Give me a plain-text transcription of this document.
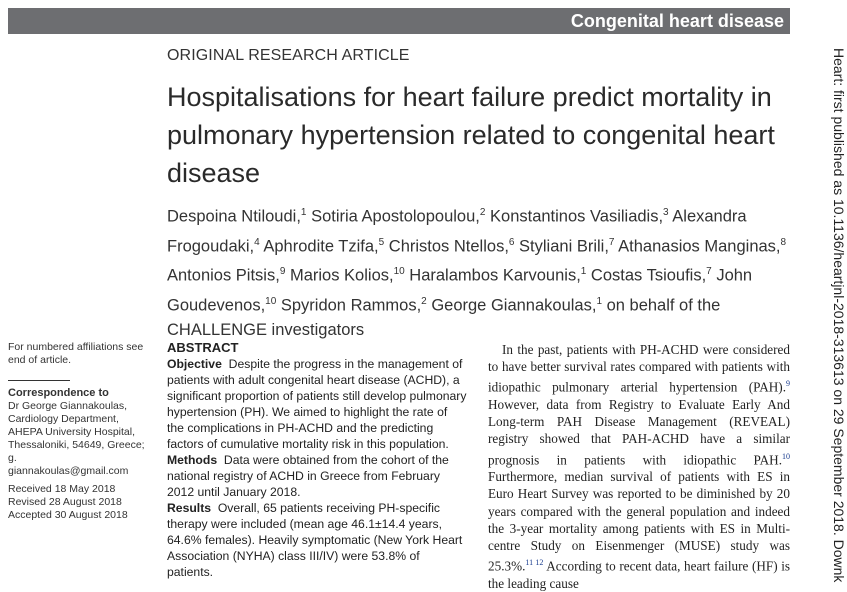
Congenital heart disease
ORIGINAL RESEARCH ARTICLE
Hospitalisations for heart failure predict mortality in pulmonary hypertension related to congenital heart disease
Despoina Ntiloudi,$^1$ Sotiria Apostolopoulou,$^2$ Konstantinos Vasiliadis,$^3$ Alexandra Frogoudaki,$^4$ Aphrodite Tzifa,$^5$ Christos Ntellos,$^6$ Styliani Brili,$^7$ Athanasios Manginas,$^8$ Antonios Pitsis,$^9$ Marios Kolios,$^{10}$ Haralambos Karvounis,$^1$ Costas Tsioufis,$^7$ John Goudevenos,$^{10}$ Spyridon Rammos,$^2$ George Giannakoulas,$^1$ on behalf of the CHALLENGE investigators
For numbered affiliations see end of article.
Correspondence to
Dr George Giannakoulas,
Cardiology Department,
AHEPA University Hospital,
Thessaloniki, 54649, Greece; g.
giannakoulas@gmail.com
Received 18 May 2018
Revised 28 August 2018
Accepted 30 August 2018
ABSTRACT

Objective Despite the progress in the management of patients with adult congenital heart disease (ACHD), a significant proportion of patients still develop pulmonary hypertension (PH). We aimed to highlight the rate of the complications in PH-ACHD and the predicting factors of cumulative mortality risk in this population.

Methods Data were obtained from the cohort of the national registry of ACHD in Greece from February 2012 until January 2018.

Results Overall, 65 patients receiving PH-specific therapy were included (mean age 46.1±14.4 years, 64.6% females). Heavily symptomatic (New York Heart Association (NYHA) class III/IV) were 53.8% of patients.

In the past, patients with PH-ACHD were considered to have better survival rates compared with patients with idiopathic pulmonary arterial hypertension (PAH).$^9$ However, data from Registry to Evaluate Early And Long-term PAH Disease Management (REVEAL) registry showed that PAH-ACHD have a similar prognosis in patients with idiopathic PAH.$^{10}$ Furthermore, median survival of patients with ES in Euro Heart Survey was reported to be diminished by 20 years compared with the general population and indeed the 3-year mortality among patients with ES in Multi-centre Study on Eisenmenger (MUSE) study was 25.3%.$^{11 12}$ According to recent data, heart failure (HF) is the leading cause

Heart: first published as 10.1136/heartjnl-2018-313613 on 29 September 2018. Downk
